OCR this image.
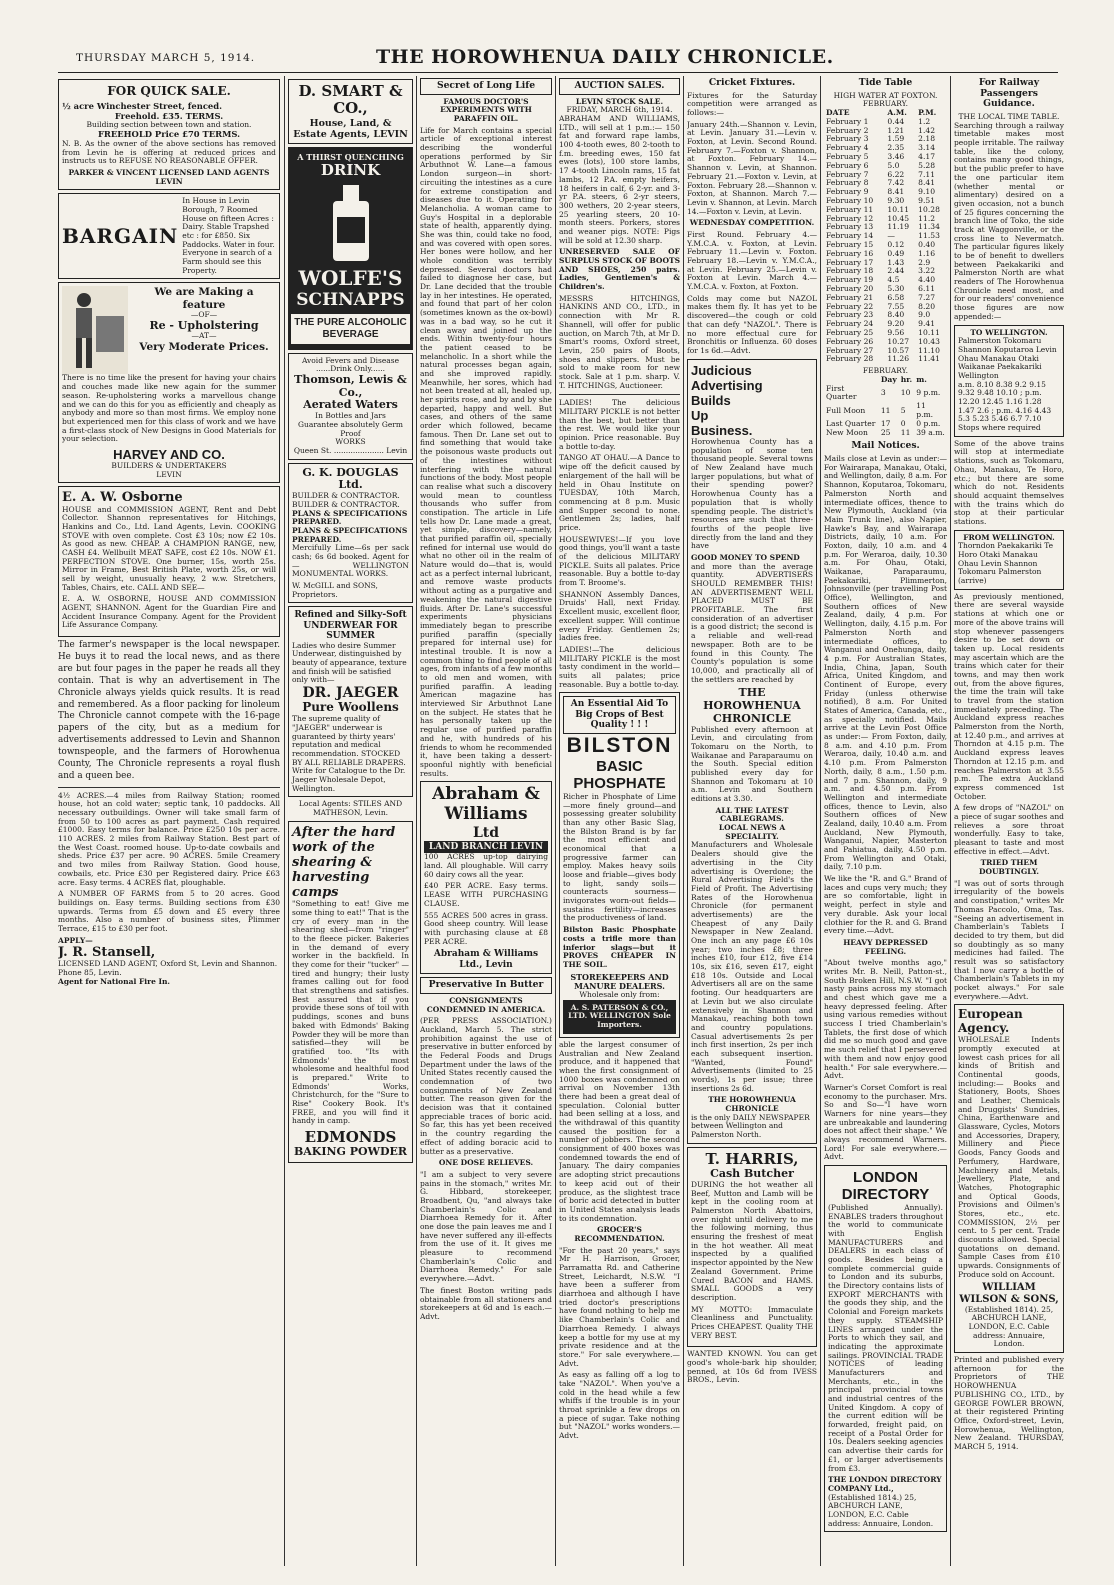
THURSDAY MARCH 5, 1914.	THE HOROWHENUA DAILY CHRONICLE.
FOR QUICK SALE.
½ acre Winchester Street, fenced.
Freehold. £35. TERMS.
Building section between town and station.
FREEHOLD Price £70 TERMS.

N. B. As the owner of the above sections has removed from Levin he is offering at reduced prices and instructs us to REFUSE NO REASONABLE OFFER.

PARKER & VINCENT LICENSED LAND AGENTS LEVIN
BARGAIN
In House in Levin Borough, 7 Roomed House on fifteen Acres : Dairy. Stable Trapshed etc : for £850. Six Paddocks. Water in four. Everyone in search of a Farm should see this Property.
We are Making a feature
—OF—
Re - Upholstering
—AT—
Very Moderate Prices.

There is no time like the present for having your chairs and couches made like new again for the summer season. Re-upholstering works a marvellous change and we can do this for you as efficiently and cheaply as anybody and more so than most firms. We employ none but experienced men for this class of work and we have a first-class stock of New Designs in Good Materials for your selection.

HARVEY AND CO.
BUILDERS & UNDERTAKERS
LEVIN
E. A. W. Osborne

HOUSE and COMMISSION AGENT, Rent and Debt Collector. Shannon representatives for Hitchings, Hankins and Co., Ltd. Land Agents, Levin. COOKING STOVE with oven complete. Cost £3 10s; now £2 10s. As good as new. CHEAP. A CHAMPION RANGE, new, CASH £4. Wellbuilt MEAT SAFE, cost £2 10s. NOW £1. PERFECTION STOVE. One burner, 15s, worth 25s. Mirror in Frame, Best British Plate, worth 25s, or will sell by weight, unusually heavy, 2 w.w. Stretchers, Tables, Chairs, etc. CALL AND SEE—

E. A. W. OSBORNE, HOUSE AND COMMISSION AGENT, SHANNON. Agent for the Guardian Fire and Accident Insurance Company. Agent for the Provident Life Assurance Company.

The farmer's newspaper is the local newspaper. He buys it to read the local news, and as there are but four pages in the paper he reads all they contain. That is why an advertisement in The Chronicle always yields quick results. It is read and remembered. As a floor packing for linoleum The Chronicle cannot compete with the 16-page papers of the city, but as a medium for advertisements addressed to Levin and Shannon townspeople, and the farmers of Horowhenua County, The Chronicle represents a royal flush and a queen bee.

4½ ACRES.—4 miles from Railway Station; roomed house, hot an cold water; septic tank, 10 paddocks. All necessary outbuildings. Owner will take small farm of from 50 to 100 acres as part payment. Cash required £1000. Easy terms for balance. Price £250 10s per acre. 110 ACRES. 2 miles from Railway Station. Best part of the West Coast. roomed house. Up-to-date cowbails and sheds. Price £37 per acre. 90 ACRES. 5mile Creamery and two miles from Railway Station. Good house, cowbails, etc. Price £30 per Registered dairy. Price £63 acre. Easy terms. 4 ACRES flat, ploughable.

A NUMBER OF FARMS from 5 to 20 acres. Good buildings on. Easy terms. Building sections from £30 upwards. Terms from £5 down and £5 every three months. Also a number of business sites, Plimmer Terrace, £15 to £30 per foot.

APPLY—
J. R. Stansell,
LICENSED LAND AGENT, Oxford St, Levin and Shannon. Phone 85, Levin.
Agent for National Fire In.
D. SMART & CO.,
House, Land, & Estate Agents, LEVIN
A THIRST QUENCHING
DRINK
WOLFE'S
SCHNAPPS
THE PURE ALCOHOLIC BEVERAGE
Avoid Fevers and Disease
......Drink Only......
Thomson, Lewis & Co.,
Aerated Waters
In Bottles and Jars
Guarantee absolutely Germ Proof
WORKS
Queen St. ..................... Levin
G. K. DOUGLAS Ltd.
BUILDER & CONTRACTOR.
BUILDER & CONTRACTOR.
PLANS & SPECIFICATIONS PREPARED.
PLANS & SPECIFICATIONS PREPARED.

Mercifully Lime—6s per sack cash; 6s 6d booked. Agent for— WELLINGTON MONUMENTAL WORKS.

W. McGILL and SONS, Proprietors.
Refined and Silky-Soft UNDERWEAR FOR SUMMER
Ladies who desire Summer Underwear, distinguished by beauty of appearance, texture and finish will be satisfied only with—
DR. JAEGER
Pure Woollens
The supreme quality of "JAEGER" underwear is guaranteed by thirty years' reputation and medical recommendation. STOCKED BY ALL RELIABLE DRAPERS. Write for Catalogue to the Dr. Jaeger Wholesale Depot, Wellington.
Local Agents: STILES AND MATHESON, Levin.
After the hard work of the shearing & harvesting camps

"Something to eat! Give me some thing to eat!" That is the cry of every man in the shearing shed—from "ringer" to the fleece picker. Bakeries in the demand of every worker in the backfield. In they come for their "tucker" —tired and hungry; their lusty frames calling out for food that strengthens and satisfies. Best assured that if you provide these sons of toil with puddings, scones and buns baked with Edmonds' Baking Powder they will be more than satisfied—they will be gratified too. "Its with Edmonds' the most wholesome and healthful food is prepared." Write to Edmonds' Works, Christchurch, for the "Sure to Rise" Cookery Book. It's FREE, and you will find it handy in camp.

EDMONDS
BAKING POWDER
Secret of Long Life
FAMOUS DOCTOR'S EXPERIMENTS WITH PARAFFIN OIL.

Life for March contains a special article of exceptional interest describing the wonderful operations performed by Sir Arbuthnot W. Lane—a famous London surgeon—in short-circuiting the intestines as a cure for extreme constipation and diseases due to it. Operating for Melancholia. A woman came to Guy's Hospital in a deplorable state of health, apparently dying. She was thin, could take no food, and was covered with open sores. Her bones were hollow, and her whole condition was terribly depressed. Several doctors had failed to diagnose her case, but Dr. Lane decided that the trouble lay in her intestines. He operated, and found that part of her colon (sometimes known as the ox-bowl) was in a bad way, so he cut it clean away and joined up the ends. Within twenty-four hours the patient ceased to be melancholic. In a short while the natural processes began again, and she improved rapidly. Meanwhile, her sores, which had not been treated at all, healed up, her spirits rose, and by and by she departed, happy and well. But cases, and others of the same order which followed, became famous. Then Dr. Lane set out to find something that would take the poisonous waste products out of the intestines without interfering with the natural functions of the body. Most people can realise what such a discovery would mean to countless thousands who suffer from constipation. The article in Life tells how Dr. Lane made a great, yet simple, discovery—namely, that purified paraffin oil, specially refined for internal use would do what no other oil in the realm of Nature would do—that is, would act as a perfect internal lubricant, and remove waste products without acting as a purgative and weakening the natural digestive fluids. After Dr. Lane's successful experiments physicians immediately began to prescribe purified paraffin (specially prepared for internal use) for intestinal trouble. It is now a common thing to find people of all ages, from infants of a few months to old men and women, with purified paraffin. A leading American magazine has interviewed Sir Arbuthnot Lane on the subject. He states that he has personally taken up the regular use of purified paraffin and he, with hundreds of his friends to whom he recommended it, have been taking a dessert-spoonful nightly with beneficial results.

Abraham &
Williams
Ltd
LAND BRANCH LEVIN

100 ACRES up-top dairying land. All ploughable. Will carry 60 dairy cows all the year.

£40 PER ACRE. Easy terms. LEASE WITH PURCHASING CLAUSE.

555 ACRES 500 acres in grass. Good sheep country. Will lease with purchasing clause at £8 PER ACRE.

Abraham & Williams Ltd., Levin
Preservative In Butter
CONSIGNMENTS CONDEMNED IN AMERICA.

(PER PRESS ASSOCIATION.) Auckland, March 5. The strict prohibition against the use of preservative in butter enforced by the Federal Foods and Drugs Department under the laws of the United States recently caused the condemnation of two consignments of New Zealand butter. The reason given for the decision was that it contained appreciable traces of boric acid. So far, this has yet been received in the country regarding the effect of adding boracic acid to butter as a preservative.

ONE DOSE RELIEVES.

"I am a subject to very severe pains in the stomach," writes Mr. G. Hibbard, storekeeper, Broadbent, Qu, "and always take Chamberlain's Colic and Diarrhoea Remedy for it. After one dose the pain leaves me and I have never suffered any ill-effects from the use of it. It gives me pleasure to recommend Chamberlain's Colic and Diarrhoea Remedy." For sale everywhere.—Advt.

The finest Boston writing pads obtainable from all stationers and storekeepers at 6d and 1s each.—Advt.

AUCTION SALES.
LEVIN STOCK SALE.
FRIDAY, MARCH 6th, 1914.

ABRAHAM AND WILLIAMS, LTD., will sell at 1 p.m.:— 150 fat and forward rape lambs, 100 4-tooth ewes, 80 2-tooth to f.m. breeding ewes, 150 fat ewes (lots), 100 store lambs, 17 4-tooth Lincoln rams, 15 fat lambs, 12 P.A. empty heifers, 18 heifers in calf, 6 2-yr. and 3-yr P.A. steers, 6 2-yr steers, 300 wethers, 20 2-year steers, 25 yearling steers, 20 10-month steers. Porkers, stores and weaner pigs. NOTE: Pigs will be sold at 12.30 sharp.

UNRESERVED SALE OF SURPLUS STOCK OF BOOTS AND SHOES, 250 pairs. Ladies, Gentlemen's & Children's.

MESSRS HITCHINGS, HANKINS AND CO., LTD., in connection with Mr R. Shannell, will offer for public auction, on March 7th, at Mr D. Smart's rooms, Oxford street, Levin, 250 pairs of Boots, shoes and slippers. Must be sold to make room for new stock. Sale at 1 p.m. sharp. V. T. HITCHINGS, Auctioneer.

LADIES! The delicious MILITARY PICKLE is not better than the best, but better than the rest. We would like your opinion. Price reasonable. Buy a bottle to-day.

TANGO AT OHAU.—A Dance to wipe off the deficit caused by enlargement of the hall will be held in Ohau Institute on TUESDAY, 10th March, commencing at 8 p.m. Music and Supper second to none. Gentlemen 2s; ladies, half price.

HOUSEWIVES!—If you love good things, you'll want a taste of the delicious MILITARY PICKLE. Suits all palates. Price reasonable. Buy a bottle to-day from T. Broome's.

SHANNON Assembly Dances, Druids' Hall, next Friday. Excellent music, excellent floor, excellent supper. Will continue every Friday. Gentlemen 2s; ladies free.

LADIES!—The delicious MILITARY PICKLE is the most tasty condiment in the world—suits all palates; price reasonable. Buy a bottle to-day.

An Essential Aid To Big Crops of Best Quality ! ! !
BILSTON
BASIC PHOSPHATE

Richer in Phosphate of Lime—more finely ground—and possessing greater solubility than any other Basic Slag, the Bilston Brand is by far the most efficient and economical that a progressive farmer can employ. Makes heavy soils loose and friable—gives body to light, sandy soils—counteracts sourness—invigorates worn-out fields—sustains fertility—increases the productiveness of land.

Bilston Basic Phosphate costs a trifle more than inferior slags—but it PROVES CHEAPER IN THE SOIL.

STOREKEEPERS AND MANURE DEALERS.
Wholesale only from:
A. S. PATERSON & CO., LTD. WELLINGTON Sole Importers.

able the largest consumer of Australian and New Zealand produce, and it happened that when the first consignment of 1000 boxes was condemned on arrival on November 13th there had been a great deal of speculation. Colonial butter had been selling at a loss, and the withdrawal of this quantity caused the position for a number of jobbers. The second consignment of 400 boxes was condemned towards the end of January. The dairy companies are adopting strict precautions to keep acid out of their produce, as the slightest trace of boric acid detected in butter in United States analysis leads to its condemnation.

GROCER'S RECOMMENDATION.

"For the past 20 years," says Mr H. Harrison, Grocer, Parramatta Rd. and Catherine Street, Leichardt, N.S.W. "I have been a sufferer from diarrhoea and although I have tried doctor's prescriptions have found nothing to help me like Chamberlain's Colic and Diarrhoea Remedy. I always keep a bottle for my use at my private residence and at the store." For sale everywhere.—Advt.

As easy as falling off a log to take "NAZOL". When you've a cold in the head while a few whiffs if the trouble is in your throat sprinkle a few drops on a piece of sugar. Take nothing but "NAZOL" works wonders.—Advt.

Cricket Fixtures.

Fixtures for the Saturday competition were arranged as follows:—

January 24th.—Shannon v. Levin, at Levin. January 31.—Levin v. Foxton, at Levin. Second Round. February 7.—Foxton v. Shannon, at Foxton. February 14.—Shannon v. Levin, at Shannon. February 21.—Foxton v. Levin, at Foxton. February 28.—Shannon v. Foxton, at Shannon. March 7.—Levin v. Shannon, at Levin. March 14.—Foxton v. Levin, at Levin.

WEDNESDAY COMPETITION.

First Round. February 4.—Y.M.C.A. v. Foxton, at Levin. February 11.—Levin v. Foxton. February 18.—Levin v. Y.M.C.A., at Levin. February 25.—Levin v. Foxton at Levin. March 4.—Y.M.C.A. v. Foxton, at Foxton.

Colds may come but NAZOL makes them fly. It has yet to be discovered—the cough or cold that can defy "NAZOL". There is no more effectual cure for Bronchitis or Influenza. 60 doses for 1s 6d.—Advt.

Judicious
Advertising
Builds
Up
Business.

Horowhenua County has a population of some ten thousand people. Several towns of New Zealand have much larger populations, but what of their spending power? Horowhenua County has a population that is wholly spending people. The district's resources are such that three-fourths of the people live directly from the land and they have

GOOD MONEY TO SPEND

and more than the average quantity. ADVERTISERS SHOULD REMEMBER THIS! AN ADVERTISEMENT WELL PLACED MUST BE PROFITABLE. The first consideration of an advertiser is a good district; the second is a reliable and well-read newspaper. Both are to be found in this County. The County's population is some 10,000, and practically all of the settlers are reached by

THE HOROWHENUA CHRONICLE

Published every afternoon at Levin, and circulating from Tokomaru on the North, to Waikanae and Paraparaumu on the South. Special edition published every day for Shannon and Tokomaru at 10 a.m. Levin and Southern editions at 3.30.

ALL THE LATEST CABLEGRAMS.
LOCAL NEWS A SPECIALITY.

Manufacturers and Wholesale Dealers should give the advertising in the City advertising is Overdone; the Rural Advertising Field's the Field of Profit. The Advertising Rates of the Horowhenua Chronicle (for permanent advertisements) are the Cheapest of any Daily Newspaper in New Zealand. One inch an any page £6 10s year; two inches £8; three inches £10, four £12, five £14 10s, six £16, seven £17, eight £18 10s. Outside and Local Advertisers all are on the same footing. Our headquarters are at Levin but we also circulate extensively in Shannon and Manakau, reaching both town and country populations. Casual advertisements 2s per inch first insertion, 2s per inch each subsequent insertion. "Wanted, Found" Advertisements (limited to 25 words), 1s per issue; three insertions 2s 6d.

THE HOROWHENUA CHRONICLE
is the only DAILY NEWSPAPER between Wellington and Palmerston North.
T. HARRIS,
Cash Butcher

DURING the hot weather all Beef, Mutton and Lamb will be kept in the cooling room at Palmerston North Abattoirs, over night until delivery to me the following morning, thus ensuring the freshest of meat in the hot weather. All meat inspected by a qualified inspector appointed by the New Zealand Government. Prime Cured BACON and HAMS. SMALL GOODS a very description.

MY MOTTO: Immaculate Cleanliness and Punctuality. Prices CHEAPEST. Quality THE VERY BEST.

WANTED KNOWN. You can get good's whole-bark hip shoulder, penned, at 10s 6d from IVESS BROS., Levin.

Tide Table
HIGH WATER AT FOXTON.
FEBRUARY.
DATE	A.M.	P.M.
February 1	0.44	1.2
February 2	1.21	1.42
February 3	1.59	2.18
February 4	2.35	3.14
February 5	3.46	4.17
February 6	5.0	5.28
February 7	6.22	7.11
February 8	7.42	8.41
February 9	8.41	9.10
February 10	9.30	9.51
February 11	10.11	10.28
February 12	10.45	11.2
February 13	11.19	11.34
February 14	—	11.53
February 15	0.12	0.40
February 16	0.49	1.16
February 17	1.43	2.9
February 18	2.44	3.22
February 19	4.5	4.40
February 20	5.30	6.11
February 21	6.58	7.27
February 22	7.55	8.20
February 23	8.40	9.0
February 24	9.20	9.41
February 25	9.56	10.11
February 26	10.27	10.43
February 27	10.57	11.10
February 28	11.26	11.41
FEBRUARY.
	Day	hr.	m.
First Quarter	3	10	9 p.m.
Full Moon	11	5	11 p.m.
Last Quarter	17	0	0 p.m.
New Moon	25	11	39 a.m.
Mail Notices.

Mails close at Levin as under:— For Wairarapa, Manakau, Otaki, and Wellington, daily, 8 a.m. For Shannon, Koputaroa, Tokomaru, Palmerston North and intermediate offices, thence to New Plymouth, Auckland (via Main Trunk line), also Napier, Hawke's Bay, and Wairarapa Districts, daily, 10 a.m. For Foxton, daily, 10 a.m. and 4 p.m. For Weraroa, daily, 10.30 a.m. For Ohau, Otaki, Waikanae, Paraparaumu, Paekakariki, Plimmerton, Johnsonville (per travelling Post Office), Wellington, and Southern offices of New Zealand, daily, 4 p.m. For Wellington, daily, 4.15 p.m. For Palmerston North and intermediate offices, to Wanganui and Onehunga, daily, 4 p.m. For Australian States, India, China, Japan, South Africa, United Kingdom, and Continent of Europe, every Friday (unless otherwise notified), 8 a.m. For United States of America, Canada, etc., as specially notified. Mails arrive at the Levin Post Office as under:— From Foxton, daily, 8 a.m. and 4.10 p.m. From Weraroa, daily, 10.40 a.m. and 4.10 p.m. From Palmerston North, daily, 8 a.m., 1.50 p.m. and 7 p.m. Shannon, daily, 9 a.m. and 4.50 p.m. From Wellington and intermediate offices, thence to Levin, also Southern offices of New Zealand, daily, 10.40 a.m. From Auckland, New Plymouth, Wanganui, Napier, Masterton and Pahiatua, daily, 4.50 p.m. From Wellington and Otaki, daily, 7.10 p.m.

We like the "R. and G." Brand of laces and cups very much; they are so comfortable, light in weight, perfect in style and very durable. Ask your local clothier for the R. and G. Brand every time.—Advt.

HEAVY DEPRESSED FEELING.

"About twelve months ago," writes Mr. B. Neill, Patton-st., South Broken Hill, N.S.W. "I got nasty pains across my stomach and chest which gave me a heavy depressed feeling. After using various remedies without success I tried Chamberlain's Tablets, the first dose of which did me so much good and gave me such relief that I persevered with them and now enjoy good health." For sale everywhere.—Advt.

Warner's Corset Comfort is real economy to the purchaser. Mrs. So and So—"I have worn Warners for nine years—they are unbreakable and laundering does not affect their shape." We always recommend Warners. Lord! For sale everywhere.—Advt.

LONDON
DIRECTORY

(Published Annually). ENABLES traders throughout the world to communicate with English MANUFACTURERS and DEALERS in each class of goods. Besides being a complete commercial guide to London and its suburbs, the Directory contains lists of EXPORT MERCHANTS with the goods they ship, and the Colonial and Foreign markets they supply. STEAMSHIP LINES arranged under the Ports to which they sail, and indicating the approximate sailings. PROVINCIAL TRADE NOTICES of leading Manufacturers and Merchants, etc., in the principal provincial towns and industrial centres of the United Kingdom. A copy of the current edition will be forwarded, freight paid, on receipt of a Postal Order for 10s. Dealers seeking agencies can advertise their cards for £1, or larger advertisements from £3.

THE LONDON DIRECTORY COMPANY Ltd.,
(Established 1814.) 25, ABCHURCH LANE, LONDON, E.C. Cable address: Annuaire, London.
For Railway Passengers Guidance.
THE LOCAL TIME TABLE.

Searching through a railway timetable makes most people irritable. The railway table, like the colony, contains many good things, but the public prefer to have the one particular item (whether mental or alimentary) desired on a given occasion, not a bunch of 25 figures concerning the branch line of Toko, the side track at Waggonville, or the cross line to Nevermatch. The particular figures likely to be of benefit to dwellers between Paekakariki and Palmerston North are what readers of The Horowhenua Chronicle need most, and for our readers' convenience those figures are now appended:—

TO WELLINGTON.
Palmerston Tokomaru Shannon Koputaroa Levin Ohau Manakau Otaki Waikanae Paekakariki Wellington
a.m. 8.10 8.38 9.2 9.15 9.32 9.48 10.10 ; p.m. 12.20 12.45 1.16 1.28 1.47 2.6 ; p.m. 4.16 4.43 5.3 5.23 5.46 6.7 7.10
Stops where required

Some of the above trains will stop at intermediate stations, such as Tokomaru, Ohau, Manakau, Te Horo, etc.; but there are some which do not. Residents should acquaint themselves with the trains which do stop at their particular stations.

FROM WELLINGTON.
Thorndon Paekakariki Te Horo Otaki Manakau Ohau Levin Shannon Tokomaru Palmerston (arrive)

As previously mentioned, there are several wayside stations at which one or more of the above trains will stop whenever passengers desire to be set down or taken up. Local residents may ascertain which are the trains which cater for their towns, and may then work out, from the above figures, the time the train will take to travel from the station immediately preceding. The Auckland express reaches Palmerston from the North, at 12.40 p.m., and arrives at Thorndon at 4.15 p.m. The Auckland express leaves Thorndon at 12.15 p.m. and reaches Palmerston at 3.55 p.m. The extra Auckland express commenced 1st October.

A few drops of "NAZOL" on a piece of sugar soothes and relieves a sore throat wonderfully. Easy to take, pleasant to taste and most effective in effect.—Advt.

TRIED THEM DOUBTINGLY.

"I was out of sorts through irregularity of the bowels and constipation," writes Mr Thomas Paccolo, Oma, Tas. "Seeing an advertisement in Chamberlain's Tablets I decided to try them, but did so doubtingly as so many medicines had failed. The result was so satisfactory that I now carry a bottle of Chamberlain's Tablets in my pocket always." For sale everywhere.—Advt.

European Agency.

WHOLESALE Indents promptly executed at lowest cash prices for all kinds of British and Continental goods, including:— Books and Stationery, Boots, Shoes and Leather, Chemicals and Druggists' Sundries, China, Earthenware and Glassware, Cycles, Motors and Accessories, Drapery, Millinery and Piece Goods, Fancy Goods and Perfumery, Hardware, Machinery and Metals, Jewellery, Plate, and Watches, Photographic and Optical Goods, Provisions and Oilmen's Stores, etc., etc. COMMISSION, 2½ per cent. to 5 per cent. Trade discounts allowed. Special quotations on demand. Sample Cases from £10 upwards. Consignments of Produce sold on Account.

WILLIAM WILSON & SONS,
(Established 1814). 25, ABCHURCH LANE, LONDON, E.C. Cable address: Annuaire, London.

Printed and published every afternoon for the Proprietors of THE HOROWHENUA PUBLISHING CO., LTD., by GEORGE FOWLER BROWN, at their registered Printing Office, Oxford-street, Levin, Horowhenua, Wellington, New Zealand. THURSDAY, MARCH 5, 1914.
